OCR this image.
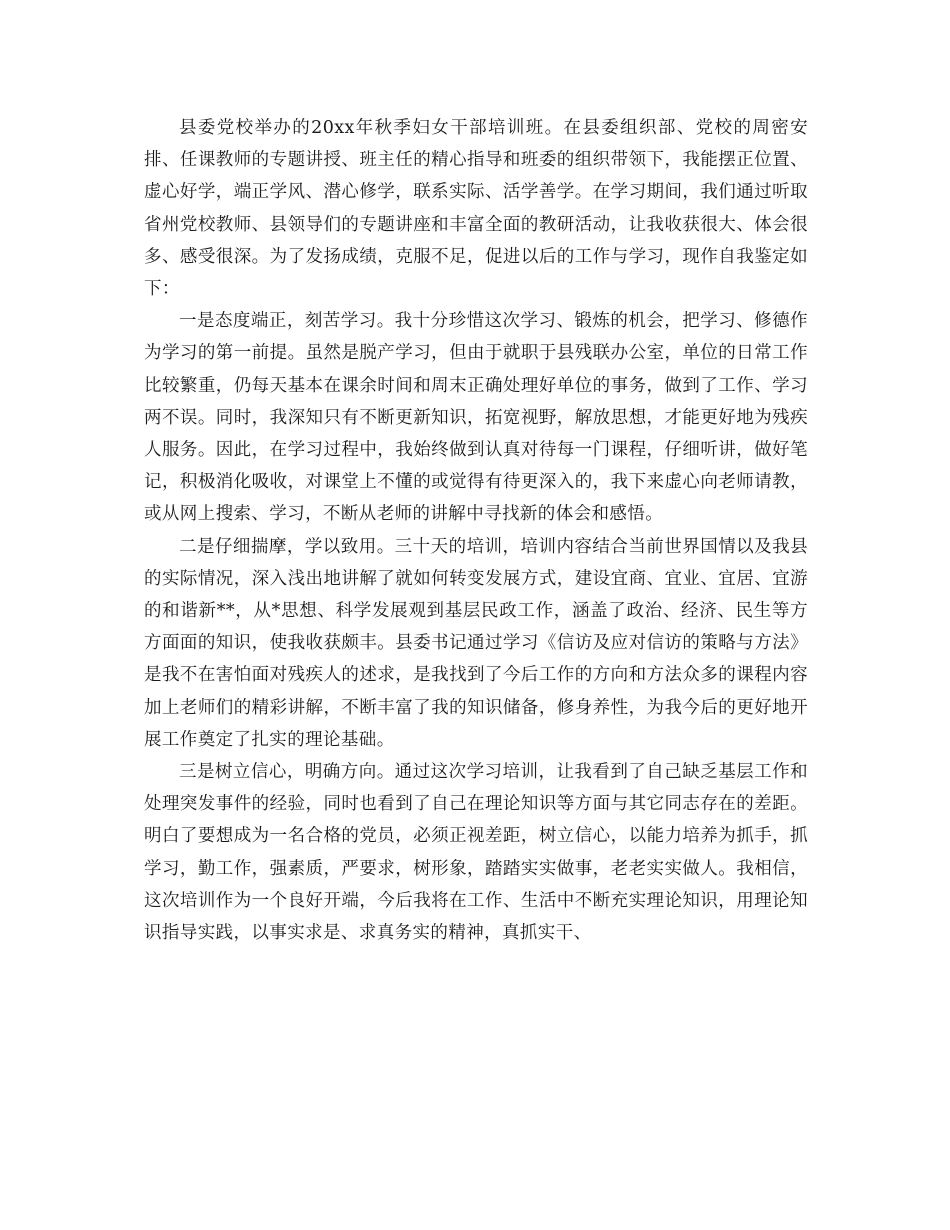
县委党校举办的20xx年秋季妇女干部培训班。在县委组织部、党校的周密安排、任课教师的专题讲授、班主任的精心指导和班委的组织带领下，我能摆正位置、虚心好学，端正学风、潜心修学，联系实际、活学善学。在学习期间，我们通过听取省州党校教师、县领导们的专题讲座和丰富全面的教研活动，让我收获很大、体会很多、感受很深。为了发扬成绩，克服不足，促进以后的工作与学习，现作自我鉴定如下：

一是态度端正，刻苦学习。我十分珍惜这次学习、锻炼的机会，把学习、修德作为学习的第一前提。虽然是脱产学习，但由于就职于县残联办公室，单位的日常工作比较繁重，仍每天基本在课余时间和周末正确处理好单位的事务，做到了工作、学习两不误。同时，我深知只有不断更新知识，拓宽视野，解放思想，才能更好地为残疾人服务。因此，在学习过程中，我始终做到认真对待每一门课程，仔细听讲，做好笔记，积极消化吸收，对课堂上不懂的或觉得有待更深入的，我下来虚心向老师请教，或从网上搜索、学习，不断从老师的讲解中寻找新的体会和感悟。

二是仔细揣摩，学以致用。三十天的培训，培训内容结合当前世界国情以及我县的实际情况，深入浅出地讲解了就如何转变发展方式，建设宜商、宜业、宜居、宜游的和谐新**，从*思想、科学发展观到基层民政工作，涵盖了政治、经济、民生等方方面面的知识，使我收获颇丰。县委书记通过学习《信访及应对信访的策略与方法》是我不在害怕面对残疾人的述求，是我找到了今后工作的方向和方法众多的课程内容加上老师们的精彩讲解，不断丰富了我的知识储备，修身养性，为我今后的更好地开展工作奠定了扎实的理论基础。

三是树立信心，明确方向。通过这次学习培训，让我看到了自己缺乏基层工作和处理突发事件的经验，同时也看到了自己在理论知识等方面与其它同志存在的差距。明白了要想成为一名合格的党员，必须正视差距，树立信心，以能力培养为抓手，抓学习，勤工作，强素质，严要求，树形象，踏踏实实做事，老老实实做人。我相信，这次培训作为一个良好开端，今后我将在工作、生活中不断充实理论知识，用理论知识指导实践，以事实求是、求真务实的精神，真抓实干、
